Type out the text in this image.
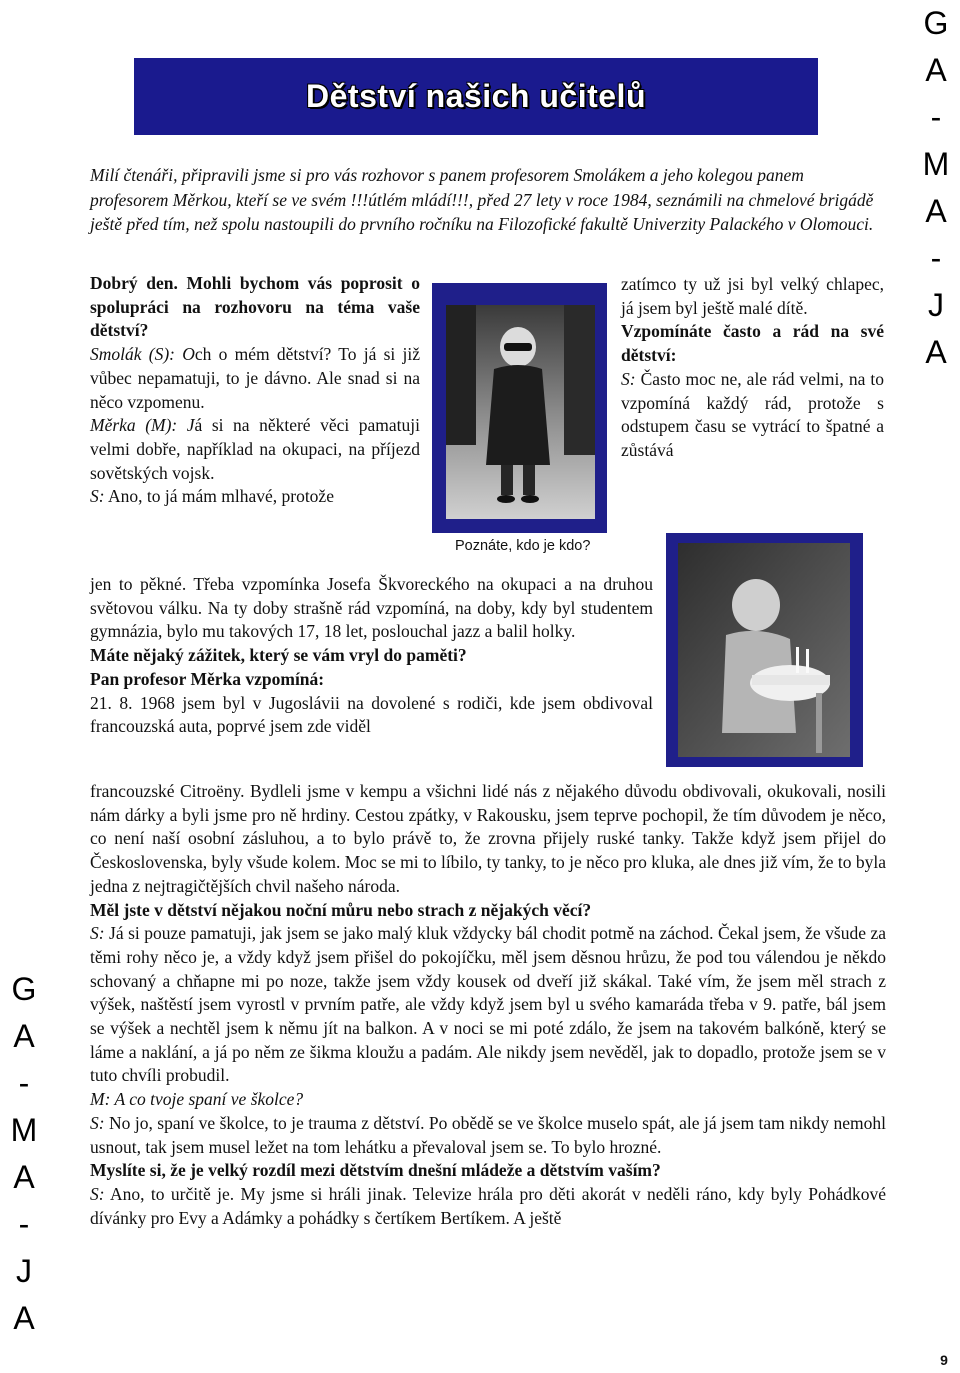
Dětství našich učitelů
G
A
-
M
A
-
J
A
G
A
-
M
A
-
J
A
Milí čtenáři, připravili jsme si pro vás rozhovor s panem profesorem Smolákem a jeho kolegou panem profesorem Měrkou, kteří se ve svém !!!útlém mládí!!!, před 27 lety v roce 1984, seznámili na chmelové brigádě ještě před tím, než spolu nastoupili do prvního ročníku na Filozofické fakultě Univerzity Palackého v Olomouci.

Dobrý den. Mohli bychom vás poprosit o spolupráci na rozhovoru na téma vaše dětství?

Smolák (S): Och o mém dětství? To já si již vůbec nepamatuji, to je dávno. Ale snad si na něco vzpomenu.

Měrka (M): Já si na některé věci pamatuji velmi dobře, například na okupaci, na příjezd sovětských vojsk.

S: Ano, to já mám mlhavé, protože

zatímco ty už jsi byl velký chlapec, já jsem byl ještě malé dítě.

Vzpomínáte často a rád na své dětství:

S: Často moc ne, ale rád velmi, na to vzpomíná každý rád, protože s odstupem času se vytrácí to špatné a zůstává

Poznáte, kdo je kdo?

jen to pěkné. Třeba vzpomínka Josefa Škvoreckého na okupaci a na druhou světovou válku. Na ty doby strašně rád vzpomíná, na doby, kdy byl studentem gymnázia, bylo mu takových 17, 18 let, poslouchal jazz a balil holky.

Máte nějaký zážitek, který se vám vryl do paměti?

Pan profesor Měrka vzpomíná:

21. 8. 1968 jsem byl v Jugoslávii na dovolené s rodiči, kde jsem obdivoval francouzská auta, poprvé jsem zde viděl

francouzské Citroëny. Bydleli jsme v kempu a všichni lidé nás z nějakého důvodu obdivovali, okukovali, nosili nám dárky a byli jsme pro ně hrdiny. Cestou zpátky, v Rakousku, jsem teprve pochopil, že tím důvodem je něco, co není naší osobní zásluhou, a to bylo právě to, že zrovna přijely ruské tanky. Takže když jsem přijel do Československa, byly všude kolem. Moc se mi to líbilo, ty tanky, to je něco pro kluka, ale dnes již vím, že to byla jedna z nejtragičtějších chvil našeho národa.

Měl jste v dětství nějakou noční můru nebo strach z nějakých věcí?

S: Já si pouze pamatuji, jak jsem se jako malý kluk vždycky bál chodit potmě na záchod. Čekal jsem, že všude za těmi rohy něco je, a vždy když jsem přišel do pokojíčku, měl jsem děsnou hrůzu, že pod tou válendou je někdo schovaný a chňapne mi po noze, takže jsem vždy kousek od dveří již skákal. Také vím, že jsem měl strach z výšek, naštěstí jsem vyrostl v prvním patře, ale vždy když jsem byl u svého kamaráda třeba v 9. patře, bál jsem se výšek a nechtěl jsem k němu jít na balkon. A v noci se mi poté zdálo, že jsem na takovém balkóně, který se láme a naklání, a já po něm ze šikma kloužu a padám. Ale nikdy jsem nevěděl, jak to dopadlo, protože jsem se v tuto chvíli probudil.

M: A co tvoje spaní ve školce?

S: No jo, spaní ve školce, to je trauma z dětství. Po obědě se ve školce muselo spát, ale já jsem tam nikdy nemohl usnout, tak jsem musel ležet na tom lehátku a převaloval jsem se. To bylo hrozné.

Myslíte si, že je velký rozdíl mezi dětstvím dnešní mládeže a dětstvím vaším?

S: Ano, to určitě je. My jsme si hráli jinak. Televize hrála pro děti akorát v neděli ráno, kdy byly Pohádkové dívánky pro Evy a Adámky a pohádky s čertíkem Bertíkem. A ještě

9
